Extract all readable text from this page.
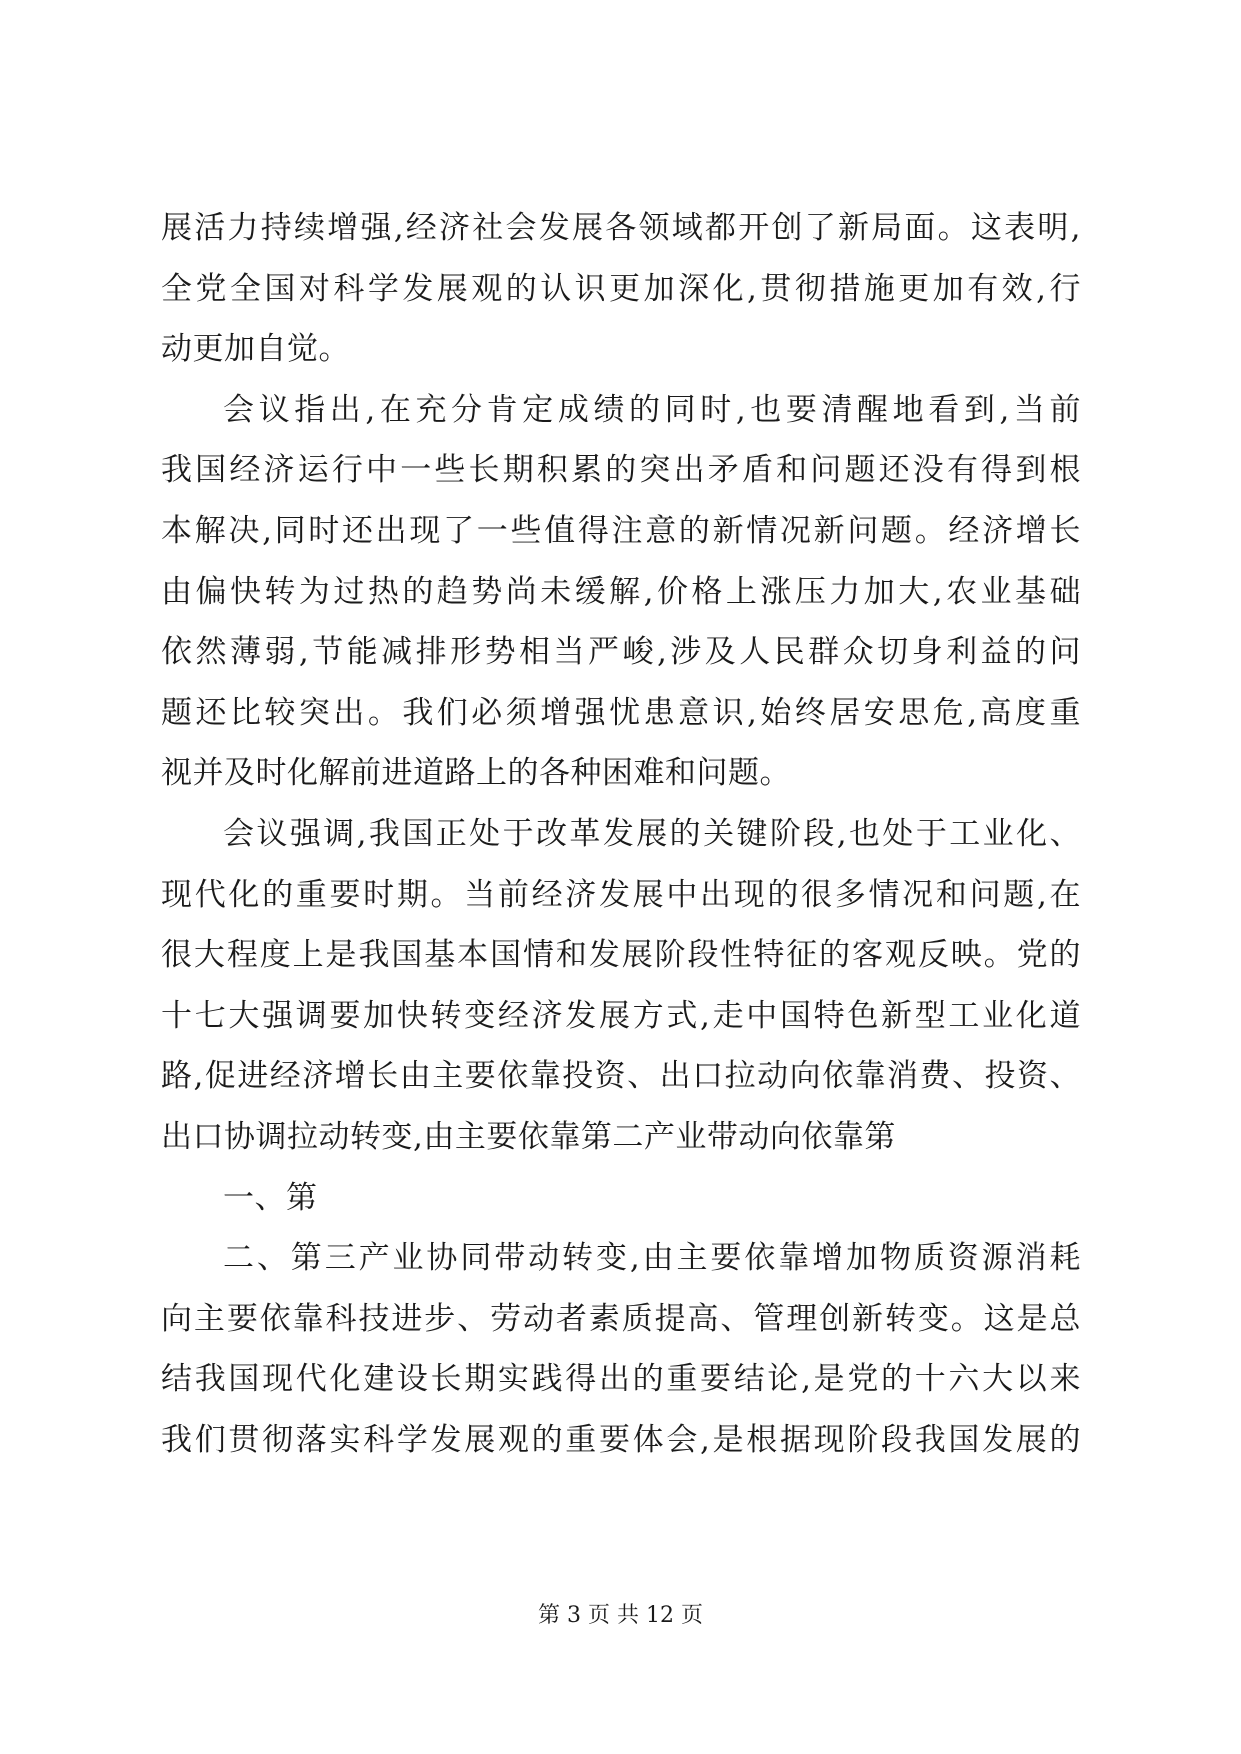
展活力持续增强,经济社会发展各领域都开创了新局面。这表明,
全党全国对科学发展观的认识更加深化,贯彻措施更加有效,行
动更加自觉。
会议指出,在充分肯定成绩的同时,也要清醒地看到,当前
我国经济运行中一些长期积累的突出矛盾和问题还没有得到根
本解决,同时还出现了一些值得注意的新情况新问题。经济增长
由偏快转为过热的趋势尚未缓解,价格上涨压力加大,农业基础
依然薄弱,节能减排形势相当严峻,涉及人民群众切身利益的问
题还比较突出。我们必须增强忧患意识,始终居安思危,高度重
视并及时化解前进道路上的各种困难和问题。
会议强调,我国正处于改革发展的关键阶段,也处于工业化、
现代化的重要时期。当前经济发展中出现的很多情况和问题,在
很大程度上是我国基本国情和发展阶段性特征的客观反映。党的
十七大强调要加快转变经济发展方式,走中国特色新型工业化道
路,促进经济增长由主要依靠投资、出口拉动向依靠消费、投资、
出口协调拉动转变,由主要依靠第二产业带动向依靠第
一、第
二、第三产业协同带动转变,由主要依靠增加物质资源消耗
向主要依靠科技进步、劳动者素质提高、管理创新转变。这是总
结我国现代化建设长期实践得出的重要结论,是党的十六大以来
我们贯彻落实科学发展观的重要体会,是根据现阶段我国发展的
第 3 页 共 12 页
